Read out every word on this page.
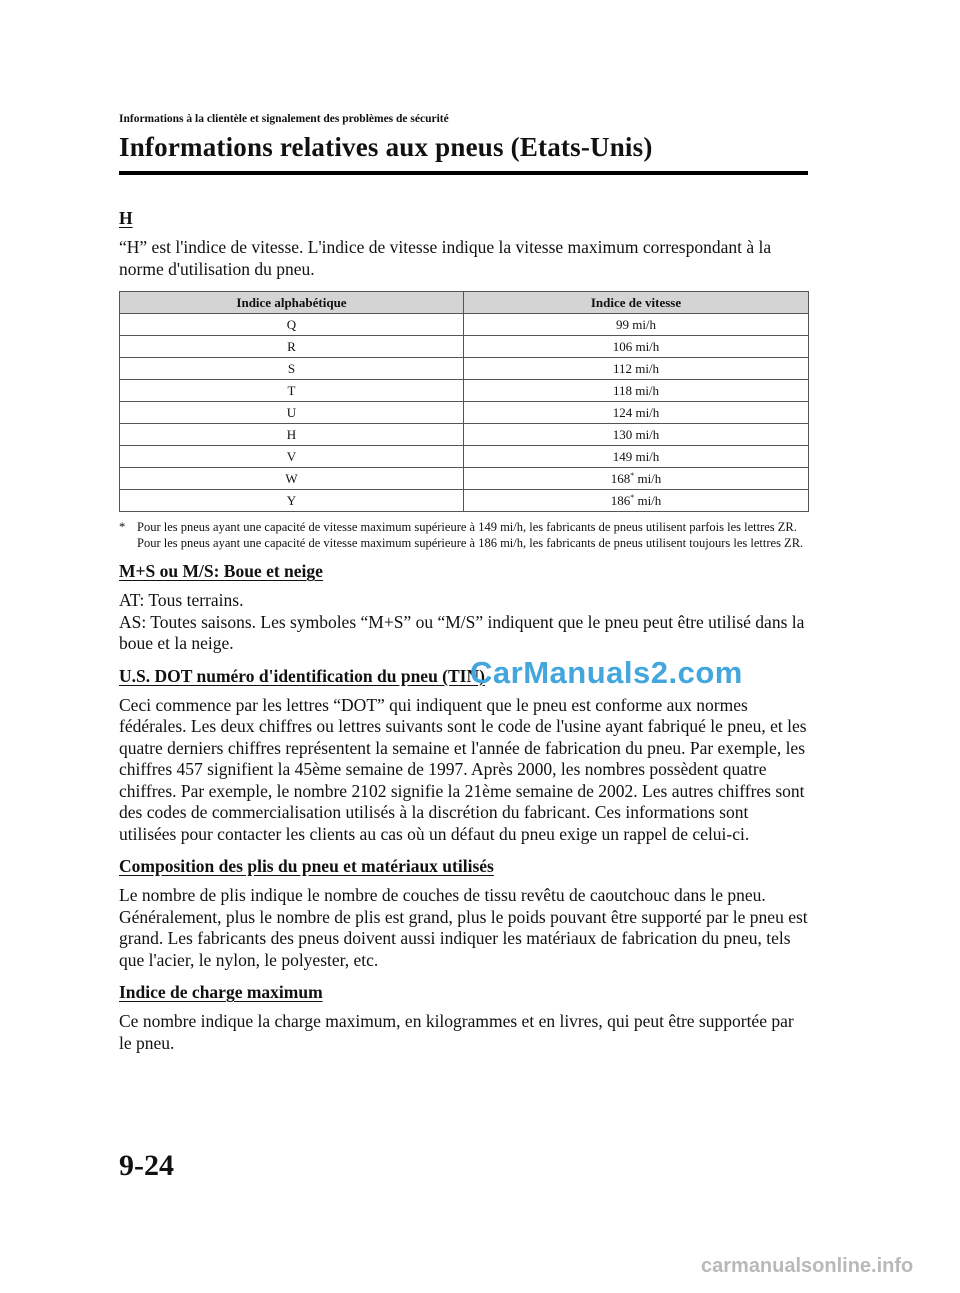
Informations à la clientèle et signalement des problèmes de sécurité
Informations relatives aux pneus (Etats-Unis)
H

“H” est l'indice de vitesse. L'indice de vitesse indique la vitesse maximum correspondant à la norme d'utilisation du pneu.

Indice alphabétique	Indice de vitesse
Q	99 mi/h
R	106 mi/h
S	112 mi/h
T	118 mi/h
U	124 mi/h
H	130 mi/h
V	149 mi/h
W	168* mi/h
Y	186* mi/h
* Pour les pneus ayant une capacité de vitesse maximum supérieure à 149 mi/h, les fabricants de pneus utilisent parfois les lettres ZR. Pour les pneus ayant une capacité de vitesse maximum supérieure à 186 mi/h, les fabricants de pneus utilisent toujours les lettres ZR.
M+S ou M/S: Boue et neige

AT: Tous terrains.
AS: Toutes saisons. Les symboles “M+S” ou “M/S” indiquent que le pneu peut être utilisé dans la boue et la neige.

U.S. DOT numéro d'identification du pneu (TIN)

Ceci commence par les lettres “DOT” qui indiquent que le pneu est conforme aux normes fédérales. Les deux chiffres ou lettres suivants sont le code de l'usine ayant fabriqué le pneu, et les quatre derniers chiffres représentent la semaine et l'année de fabrication du pneu. Par exemple, les chiffres 457 signifient la 45ème semaine de 1997. Après 2000, les nombres possèdent quatre chiffres. Par exemple, le nombre 2102 signifie la 21ème semaine de 2002. Les autres chiffres sont des codes de commercialisation utilisés à la discrétion du fabricant. Ces informations sont utilisées pour contacter les clients au cas où un défaut du pneu exige un rappel de celui-ci.

Composition des plis du pneu et matériaux utilisés

Le nombre de plis indique le nombre de couches de tissu revêtu de caoutchouc dans le pneu. Généralement, plus le nombre de plis est grand, plus le poids pouvant être supporté par le pneu est grand. Les fabricants des pneus doivent aussi indiquer les matériaux de fabrication du pneu, tels que l'acier, le nylon, le polyester, etc.

Indice de charge maximum

Ce nombre indique la charge maximum, en kilogrammes et en livres, qui peut être supportée par le pneu.

CarManuals2.com
9-24
carmanualsonline.info
